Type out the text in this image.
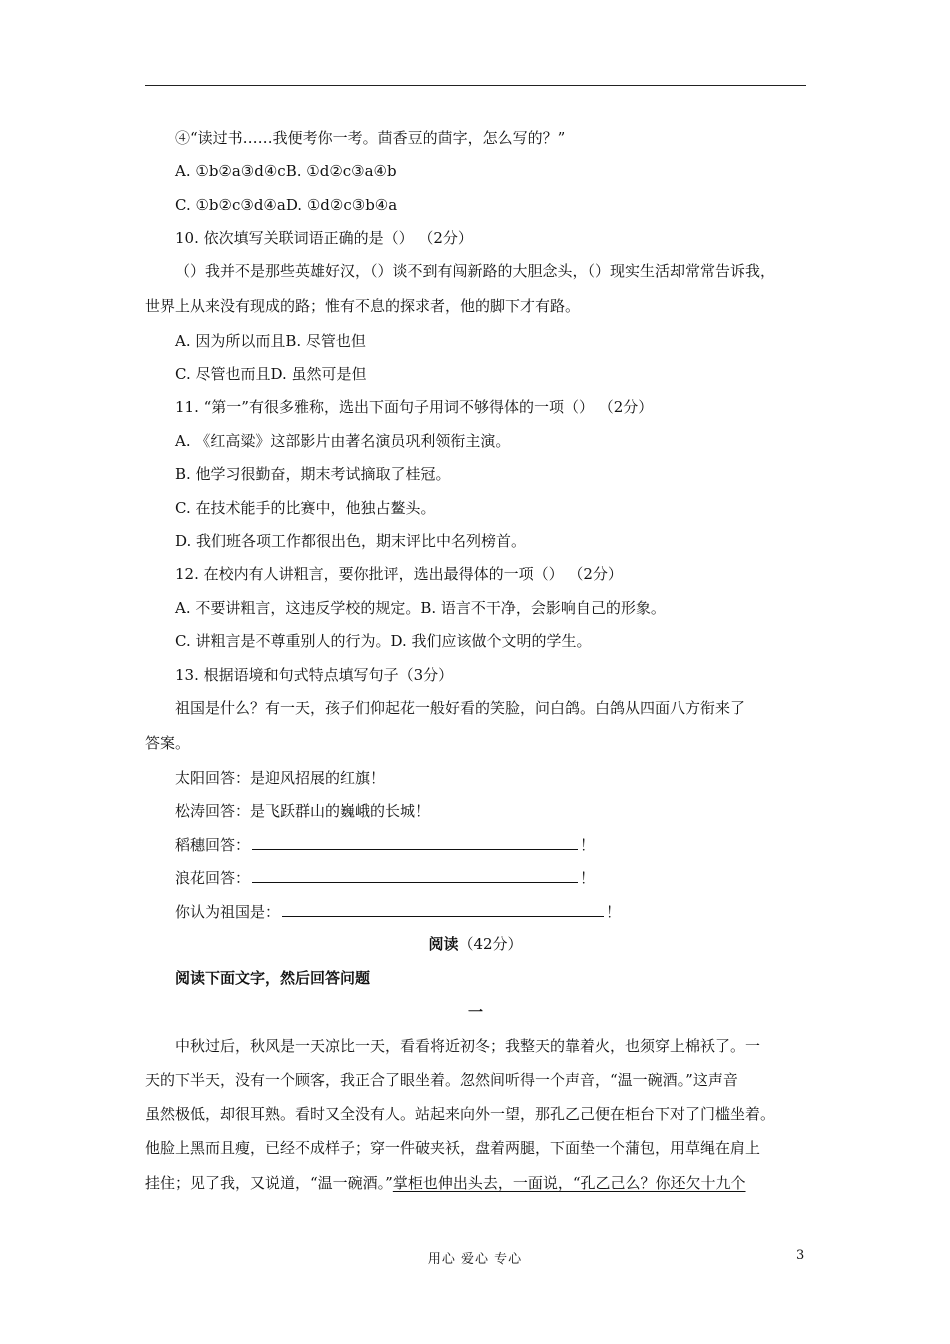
④“读过书……我便考你一考。茴香豆的茴字，怎么写的？”
A. ①b②a③d④cB. ①d②c③a④b
C. ①b②c③d④aD. ①d②c③b④a
10. 依次填写关联词语正确的是（） （2分）
（）我并不是那些英雄好汉，（）谈不到有闯新路的大胆念头，（）现实生活却常常告诉我，
世界上从来没有现成的路；惟有不息的探求者，他的脚下才有路。
A. 因为所以而且B. 尽管也但
C. 尽管也而且D. 虽然可是但
11. “第一”有很多雅称，选出下面句子用词不够得体的一项（） （2分）
A. 《红高粱》这部影片由著名演员巩利领衔主演。
B. 他学习很勤奋，期末考试摘取了桂冠。
C. 在技术能手的比赛中，他独占鳌头。
D. 我们班各项工作都很出色，期末评比中名列榜首。
12. 在校内有人讲粗言，要你批评，选出最得体的一项（） （2分）
A. 不要讲粗言，这违反学校的规定。B. 语言不干净，会影响自己的形象。
C. 讲粗言是不尊重别人的行为。D. 我们应该做个文明的学生。
13. 根据语境和句式特点填写句子（3分）
祖国是什么？有一天，孩子们仰起花一般好看的笑脸，问白鸽。白鸽从四面八方衔来了
答案。
太阳回答：是迎风招展的红旗！
松涛回答：是飞跃群山的巍峨的长城！
稻穗回答：	！
浪花回答：	！
你认为祖国是：	！
阅读（42分）
阅读下面文字，然后回答问题
一
中秋过后，秋风是一天凉比一天，看看将近初冬；我整天的靠着火，也须穿上棉袄了。一
天的下半天，没有一个顾客，我正合了眼坐着。忽然间听得一个声音，“温一碗酒。”这声音
虽然极低，却很耳熟。看时又全没有人。站起来向外一望，那孔乙己便在柜台下对了门槛坐着。
他脸上黑而且瘦，已经不成样子；穿一件破夹袄，盘着两腿，下面垫一个蒲包，用草绳在肩上
挂住；见了我，又说道，“温一碗酒。”掌柜也伸出头去，一面说，“孔乙己么？你还欠十九个
用心 爱心 专心	3
